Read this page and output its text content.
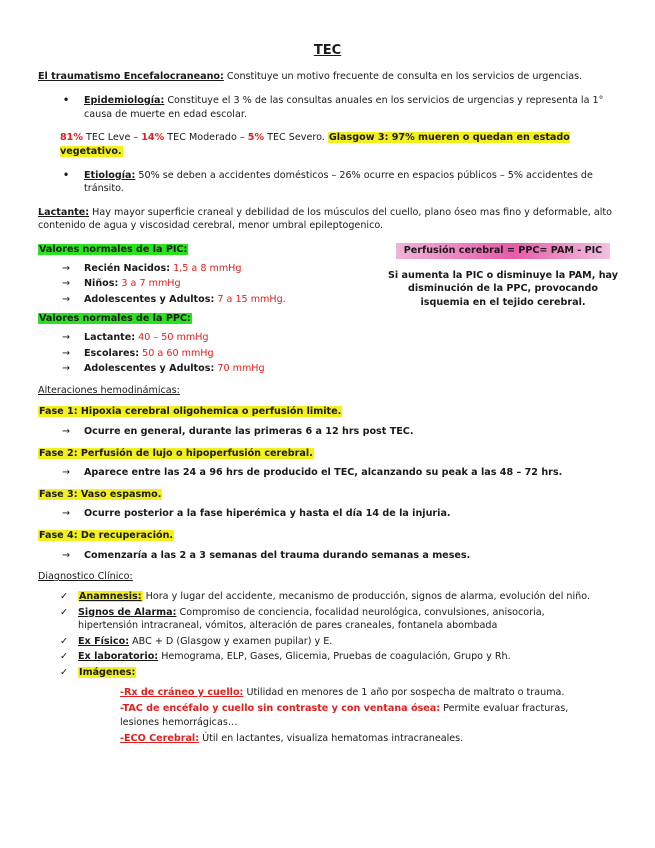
TEC

El traumatismo Encefalocraneano: Constituye un motivo frecuente de consulta en los servicios de urgencias.

• Epidemiología: Constituye el 3 % de las consultas anuales en los servicios de urgencias y representa la 1° causa de muerte en edad escolar.

81% TEC Leve – 14% TEC Moderado – 5% TEC Severo. Glasgow 3: 97% mueren o quedan en estado vegetativo.

• Etiología: 50% se deben a accidentes domésticos – 26% ocurre en espacios públicos – 5% accidentes de tránsito.

Lactante: Hay mayor superficie craneal y debilidad de los músculos del cuello, plano óseo mas fino y deformable, alto contenido de agua y viscosidad cerebral, menor umbral epileptogenico.

Perfusión cerebral = PPC= PAM - PIC

Si aumenta la PIC o disminuye la PAM, hay disminución de la PPC, provocando isquemia en el tejido cerebral.

Valores normales de la PIC:
→ Recién Nacidos: 1,5 a 8 mmHg
→ Niños: 3 a 7 mmHg
→ Adolescentes y Adultos: 7 a 15 mmHg.
Valores normales de la PPC:
→ Lactante: 40 – 50 mmHg
→ Escolares: 50 a 60 mmHg
→ Adolescentes y Adultos: 70 mmHg

Alteraciones hemodinámicas:

Fase 1: Hipoxia cerebral oligohemica o perfusión limite.

→ Ocurre en general, durante las primeras 6 a 12 hrs post TEC.

Fase 2: Perfusión de lujo o hipoperfusión cerebral.

→ Aparece entre las 24 a 96 hrs de producido el TEC, alcanzando su peak a las 48 – 72 hrs.

Fase 3: Vaso espasmo.

→ Ocurre posterior a la fase hiperémica y hasta el día 14 de la injuria.

Fase 4: De recuperación.

→ Comenzaría a las 2 a 3 semanas del trauma durando semanas a meses.

Diagnostico Clínico:

✓ Anamnesis: Hora y lugar del accidente, mecanismo de producción, signos de alarma, evolución del niño.
✓ Signos de Alarma: Compromiso de conciencia, focalidad neurológica, convulsiones, anisocoria, hipertensión intracraneal, vómitos, alteración de pares craneales, fontanela abombada
✓ Ex Físico: ABC + D (Glasgow y examen pupilar) y E.
✓ Ex laboratorio: Hemograma, ELP, Gases, Glicemia, Pruebas de coagulación, Grupo y Rh.
✓ Imágenes:

-Rx de cráneo y cuello: Utilidad en menores de 1 año por sospecha de maltrato o trauma.

-TAC de encéfalo y cuello sin contraste y con ventana ósea: Permite evaluar fracturas, lesiones hemorrágicas…

-ECO Cerebral: Útil en lactantes, visualiza hematomas intracraneales.
